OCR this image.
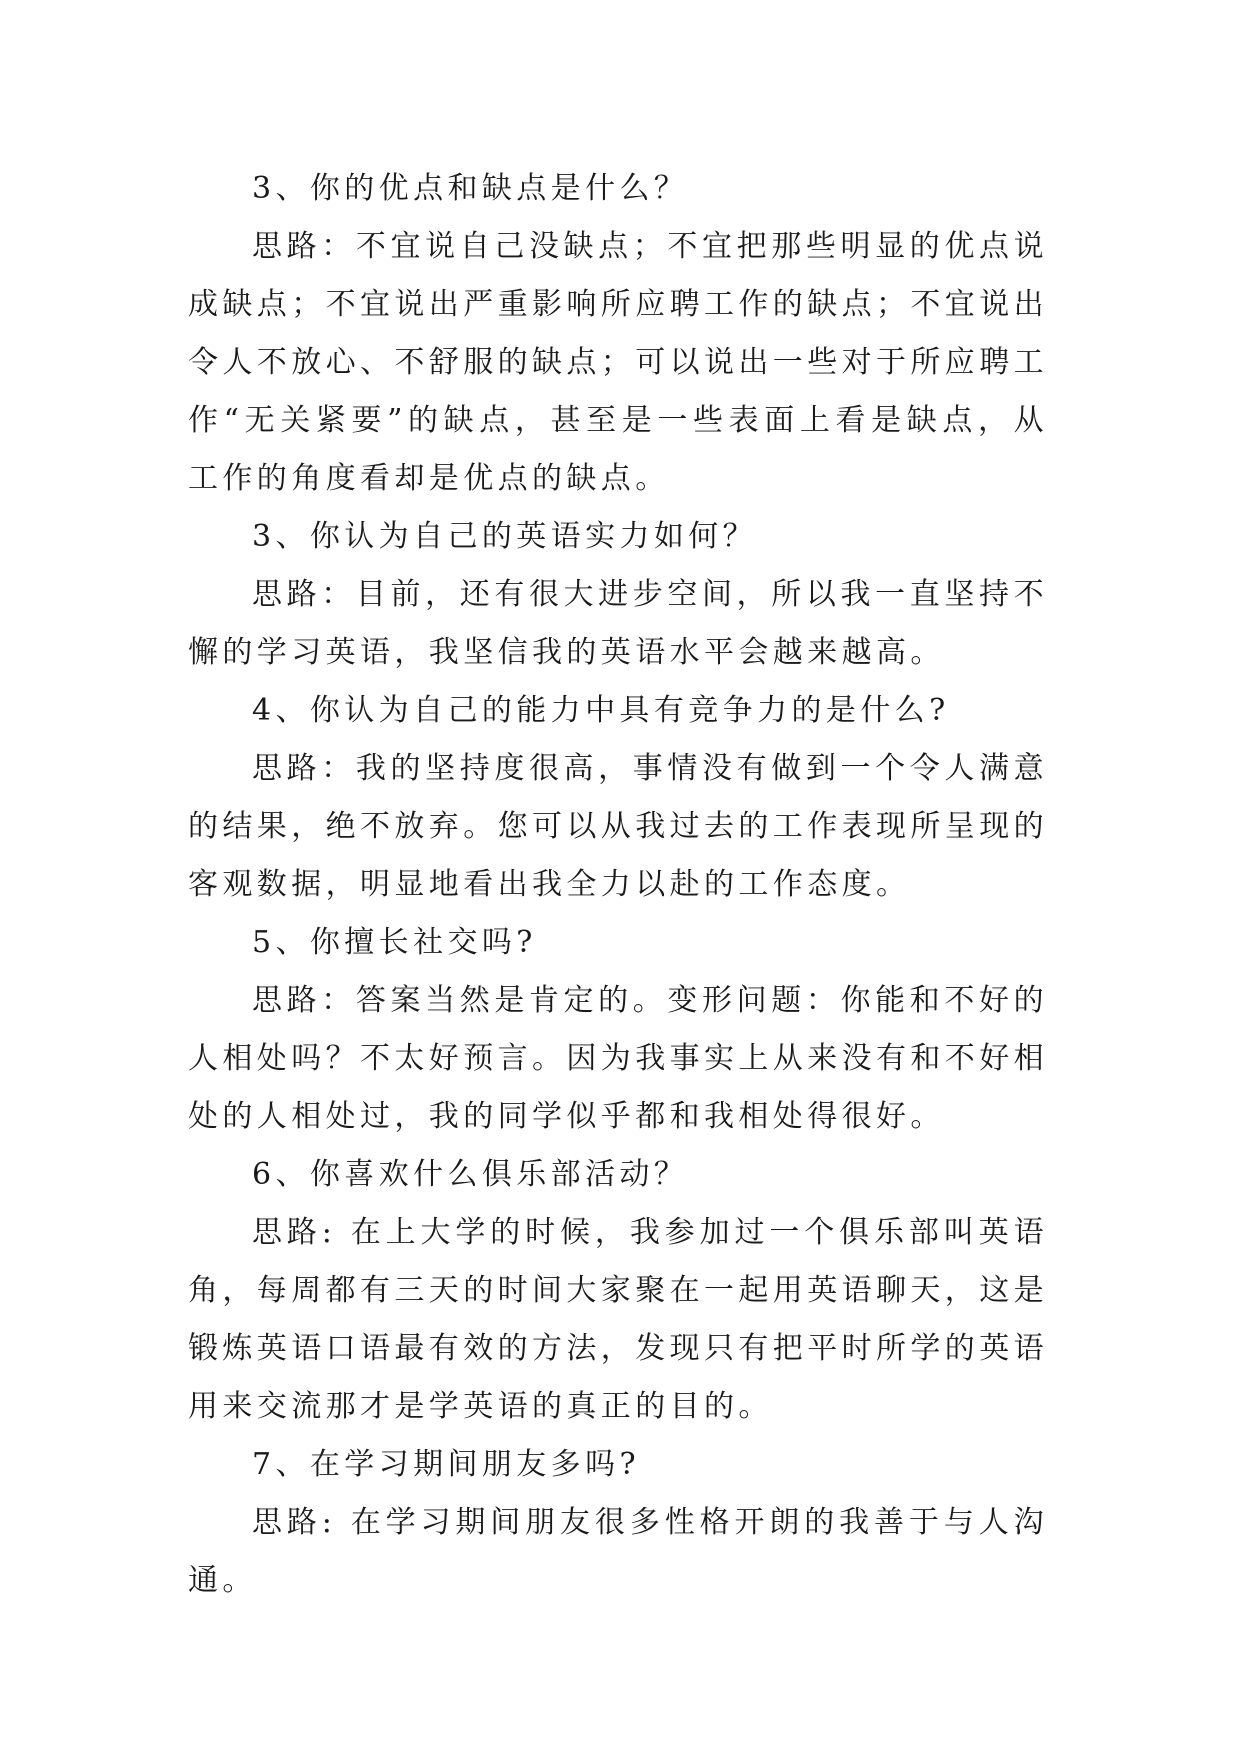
3、你的优点和缺点是什么？

思路：不宜说自己没缺点；不宜把那些明显的优点说成缺点；不宜说出严重影响所应聘工作的缺点；不宜说出令人不放心、不舒服的缺点；可以说出一些对于所应聘工作“无关紧要”的缺点，甚至是一些表面上看是缺点，从工作的角度看却是优点的缺点。

3、你认为自己的英语实力如何？

思路：目前，还有很大进步空间，所以我一直坚持不懈的学习英语，我坚信我的英语水平会越来越高。

4、你认为自己的能力中具有竞争力的是什么?

思路：我的坚持度很高，事情没有做到一个令人满意的结果，绝不放弃。您可以从我过去的工作表现所呈现的客观数据，明显地看出我全力以赴的工作态度。

5、你擅长社交吗?

思路：答案当然是肯定的。变形问题：你能和不好的人相处吗？不太好预言。因为我事实上从来没有和不好相处的人相处过，我的同学似乎都和我相处得很好。

6、你喜欢什么俱乐部活动？

思路: 在上大学的时候，我参加过一个俱乐部叫英语角，每周都有三天的时间大家聚在一起用英语聊天，这是锻炼英语口语最有效的方法，发现只有把平时所学的英语用来交流那才是学英语的真正的目的。

7、在学习期间朋友多吗?

思路: 在学习期间朋友很多性格开朗的我善于与人沟通。
